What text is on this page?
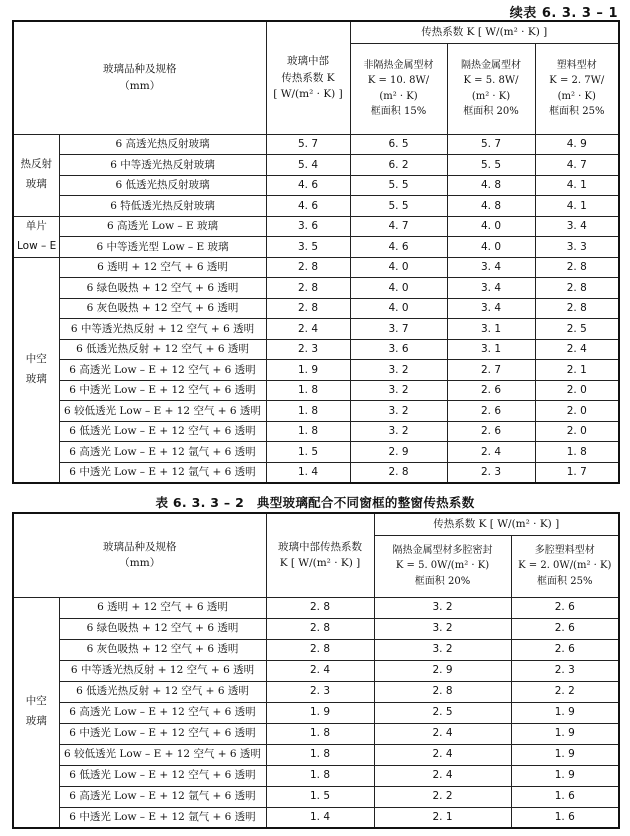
续表 6. 3. 3 – 1
玻璃品种及规格
（mm）		玻璃中部
传热系数 K
[ W/(m² · K) ]	传热系数 K [ W/(m² · K) ]		

			非隔热金属型材
K = 10. 8W/
(m² · K)
框面积 15%	隔热金属型材
K = 5. 8W/
(m² · K)
框面积 20%	塑料型材
K = 2. 7W/
(m² · K)
框面积 25%

热反射
玻璃	6 高透光热反射玻璃	5. 7	6. 5	5. 7	4. 9
	6 中等透光热反射玻璃	5. 4	6. 2	5. 5	4. 7
	6 低透光热反射玻璃	4. 6	5. 5	4. 8	4. 1
	6 特低透光热反射玻璃	4. 6	5. 5	4. 8	4. 1

单片
Low – E	6 高透光 Low – E 玻璃	3. 6	4. 7	4. 0	3. 4
	6 中等透光型 Low – E 玻璃	3. 5	4. 6	4. 0	3. 3

中空
玻璃	6 透明 + 12 空气 + 6 透明	2. 8	4. 0	3. 4	2. 8
	6 绿色吸热 + 12 空气 + 6 透明	2. 8	4. 0	3. 4	2. 8
	6 灰色吸热 + 12 空气 + 6 透明	2. 8	4. 0	3. 4	2. 8
	6 中等透光热反射 + 12 空气 + 6 透明	2. 4	3. 7	3. 1	2. 5
	6 低透光热反射 + 12 空气 + 6 透明	2. 3	3. 6	3. 1	2. 4
	6 高透光 Low – E + 12 空气 + 6 透明	1. 9	3. 2	2. 7	2. 1
	6 中透光 Low – E + 12 空气 + 6 透明	1. 8	3. 2	2. 6	2. 0
	6 较低透光 Low – E + 12 空气 + 6 透明	1. 8	3. 2	2. 6	2. 0
	6 低透光 Low – E + 12 空气 + 6 透明	1. 8	3. 2	2. 6	2. 0
	6 高透光 Low – E + 12 氩气 + 6 透明	1. 5	2. 9	2. 4	1. 8
	6 中透光 Low – E + 12 氩气 + 6 透明	1. 4	2. 8	2. 3	1. 7
表 6. 3. 3 – 2　典型玻璃配合不同窗框的整窗传热系数
玻璃品种及规格
（mm）		玻璃中部传热系数
K [ W/(m² · K) ]	传热系数 K [ W/(m² · K) ]	

			隔热金属型材多腔密封
K = 5. 0W/(m² · K)
框面积 20%	多腔塑料型材
K = 2. 0W/(m² · K)
框面积 25%

中空
玻璃	6 透明 + 12 空气 + 6 透明	2. 8	3. 2	2. 6
	6 绿色吸热 + 12 空气 + 6 透明	2. 8	3. 2	2. 6
	6 灰色吸热 + 12 空气 + 6 透明	2. 8	3. 2	2. 6
	6 中等透光热反射 + 12 空气 + 6 透明	2. 4	2. 9	2. 3
	6 低透光热反射 + 12 空气 + 6 透明	2. 3	2. 8	2. 2
	6 高透光 Low – E + 12 空气 + 6 透明	1. 9	2. 5	1. 9
	6 中透光 Low – E + 12 空气 + 6 透明	1. 8	2. 4	1. 9
	6 较低透光 Low – E + 12 空气 + 6 透明	1. 8	2. 4	1. 9
	6 低透光 Low – E + 12 空气 + 6 透明	1. 8	2. 4	1. 9
	6 高透光 Low – E + 12 氩气 + 6 透明	1. 5	2. 2	1. 6
	6 中透光 Low – E + 12 氩气 + 6 透明	1. 4	2. 1	1. 6
